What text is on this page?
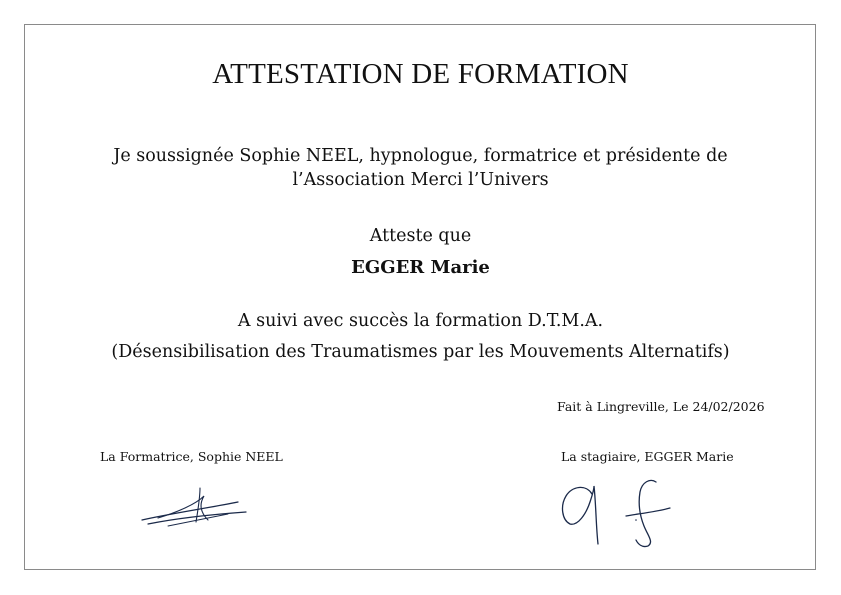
ATTESTATION DE FORMATION
Je soussignée Sophie NEEL, hypnologue, formatrice et présidente de
l’Association Merci l’Univers
Atteste que
EGGER Marie
A suivi avec succès la formation D.T.M.A.
(Désensibilisation des Traumatismes par les Mouvements Alternatifs)
Fait à Lingreville, Le 24/02/2026
La Formatrice, Sophie NEEL	La stagiaire, EGGER Marie
